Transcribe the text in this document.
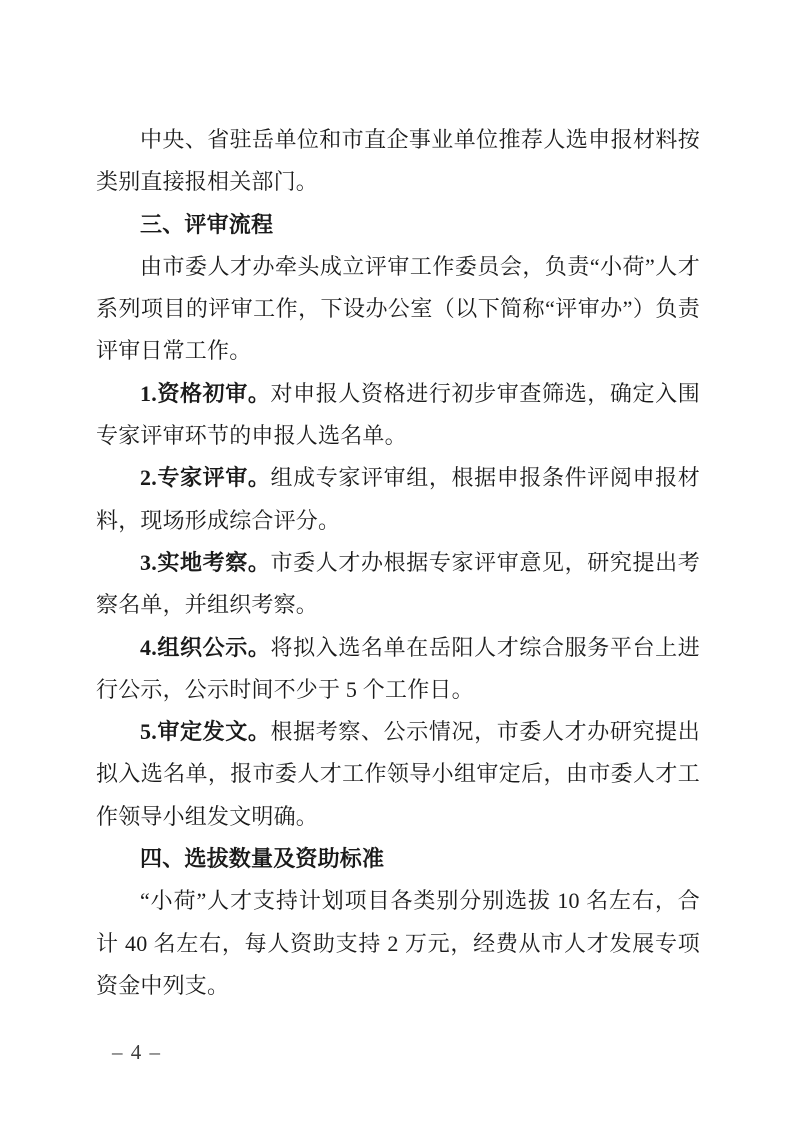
中央、省驻岳单位和市直企事业单位推荐人选申报材料按类别直接报相关部门。

三、评审流程

由市委人才办牵头成立评审工作委员会，负责“小荷”人才系列项目的评审工作，下设办公室（以下简称“评审办”）负责评审日常工作。

1.资格初审。对申报人资格进行初步审查筛选，确定入围专家评审环节的申报人选名单。

2.专家评审。组成专家评审组，根据申报条件评阅申报材料，现场形成综合评分。

3.实地考察。市委人才办根据专家评审意见，研究提出考察名单，并组织考察。

4.组织公示。将拟入选名单在岳阳人才综合服务平台上进行公示，公示时间不少于 5 个工作日。

5.审定发文。根据考察、公示情况，市委人才办研究提出拟入选名单，报市委人才工作领导小组审定后，由市委人才工作领导小组发文明确。

四、选拔数量及资助标准

“小荷”人才支持计划项目各类别分别选拔 10 名左右，合计 40 名左右，每人资助支持 2 万元，经费从市人才发展专项资金中列支。

– 4 –
